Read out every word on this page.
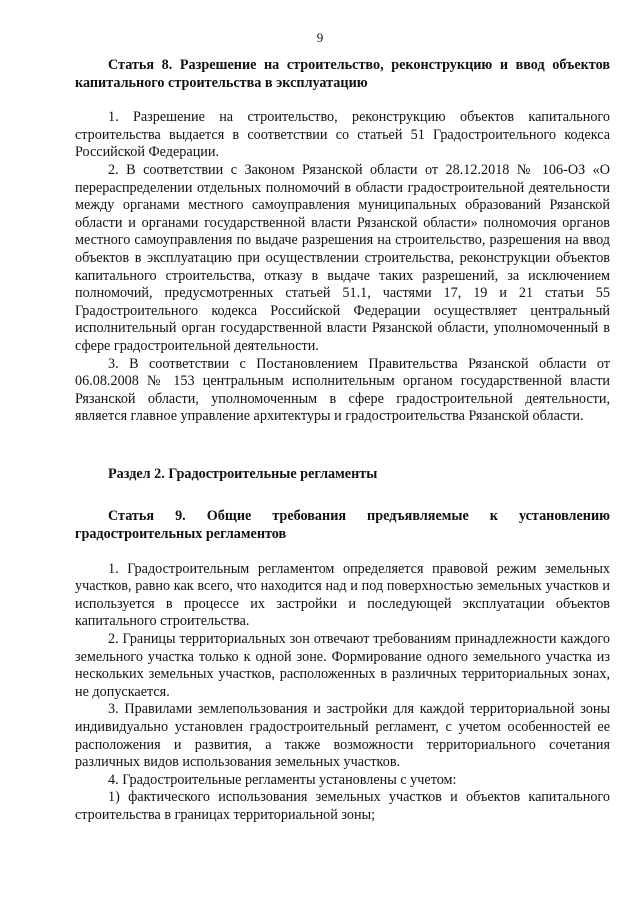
9

Статья 8. Разрешение на строительство, реконструкцию и ввод объектов капитального строительства в эксплуатацию

1. Разрешение на строительство, реконструкцию объектов капитального строительства выдается в соответствии со статьей 51 Градостроительного кодекса Российской Федерации.

2. В соответствии с Законом Рязанской области от 28.12.2018 № 106-ОЗ «О перераспределении отдельных полномочий в области градостроительной деятельности между органами местного самоуправления муниципальных образований Рязанской области и органами государственной власти Рязанской области» полномочия органов местного самоуправления по выдаче разрешения на строительство, разрешения на ввод объектов в эксплуатацию при осуществлении строительства, реконструкции объектов капитального строительства, отказу в выдаче таких разрешений, за исключением полномочий, предусмотренных статьей 51.1, частями 17, 19 и 21 статьи 55 Градостроительного кодекса Российской Федерации осуществляет центральный исполнительный орган государственной власти Рязанской области, уполномоченный в сфере градостроительной деятельности.

3. В соответствии с Постановлением Правительства Рязанской области от 06.08.2008 № 153 центральным исполнительным органом государственной власти Рязанской области, уполномоченным в сфере градостроительной деятельности, является главное управление архитектуры и градостроительства Рязанской области.

Раздел 2. Градостроительные регламенты

Статья 9. Общие требования предъявляемые к установлению градостроительных регламентов

1. Градостроительным регламентом определяется правовой режим земельных участков, равно как всего, что находится над и под поверхностью земельных участков и используется в процессе их застройки и последующей эксплуатации объектов капитального строительства.

2. Границы территориальных зон отвечают требованиям принадлежности каждого земельного участка только к одной зоне. Формирование одного земельного участка из нескольких земельных участков, расположенных в различных территориальных зонах, не допускается.

3. Правилами землепользования и застройки для каждой территориальной зоны индивидуально установлен градостроительный регламент, с учетом особенностей ее расположения и развития, а также возможности территориального сочетания различных видов использования земельных участков.

4. Градостроительные регламенты установлены с учетом:

1) фактического использования земельных участков и объектов капитального строительства в границах территориальной зоны;
